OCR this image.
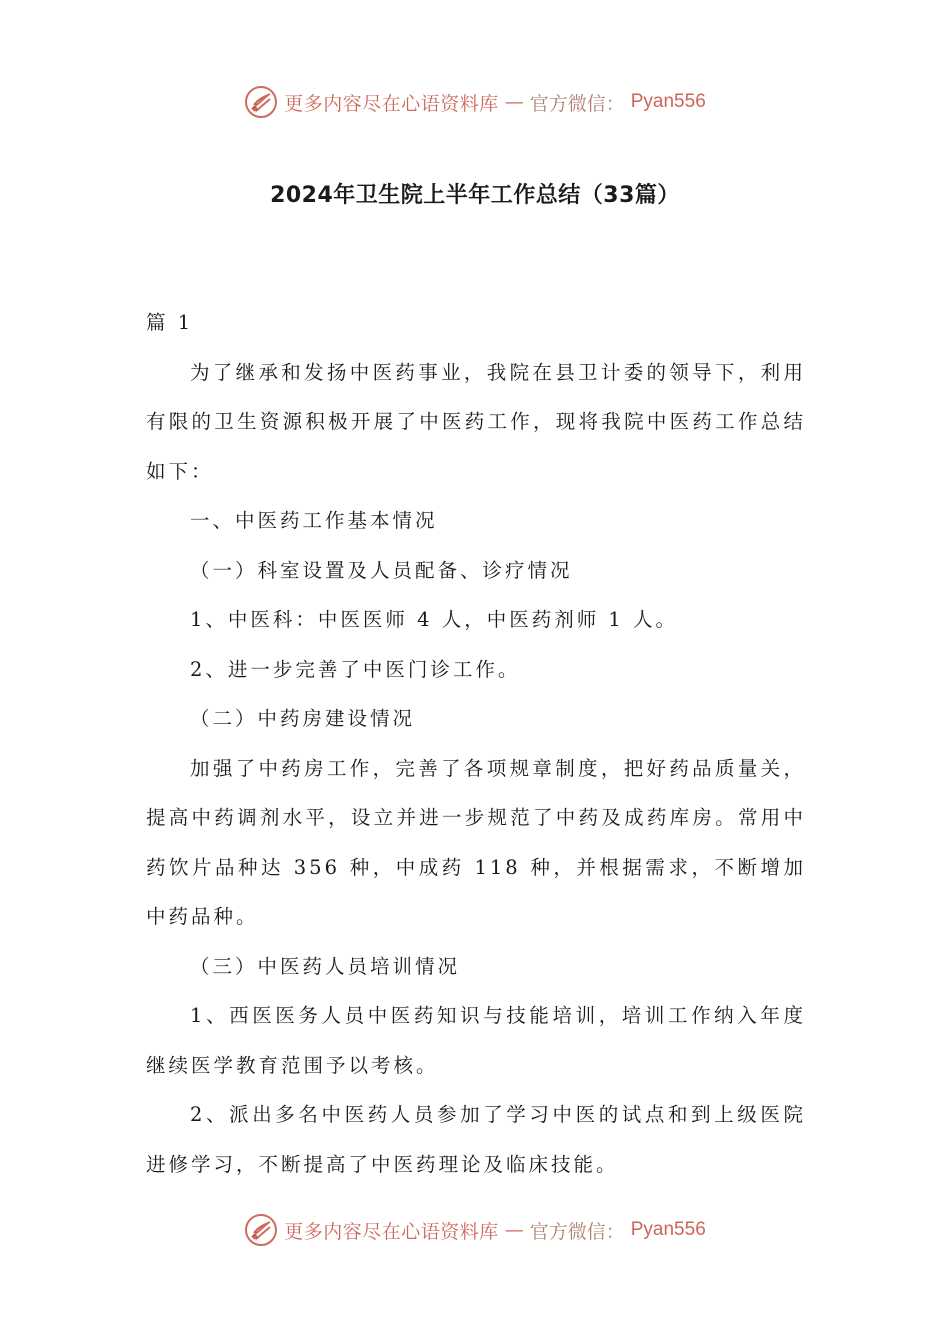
更多内容尽在心语资料库 — 官方微信： Pyan556
2024年卫生院上半年工作总结（33篇）

篇 1

为了继承和发扬中医药事业，我院在县卫计委的领导下，利用有限的卫生资源积极开展了中医药工作，现将我院中医药工作总结如下：

一、中医药工作基本情况

（一）科室设置及人员配备、诊疗情况

1、中医科：中医医师 4 人，中医药剂师 1 人。

2、进一步完善了中医门诊工作。

（二）中药房建设情况

加强了中药房工作，完善了各项规章制度，把好药品质量关，提高中药调剂水平，设立并进一步规范了中药及成药库房。常用中药饮片品种达 356 种，中成药 118 种，并根据需求，不断增加中药品种。

（三）中医药人员培训情况

1、西医医务人员中医药知识与技能培训，培训工作纳入年度继续医学教育范围予以考核。

2、派出多名中医药人员参加了学习中医的试点和到上级医院进修学习，不断提高了中医药理论及临床技能。

更多内容尽在心语资料库 — 官方微信： Pyan556
